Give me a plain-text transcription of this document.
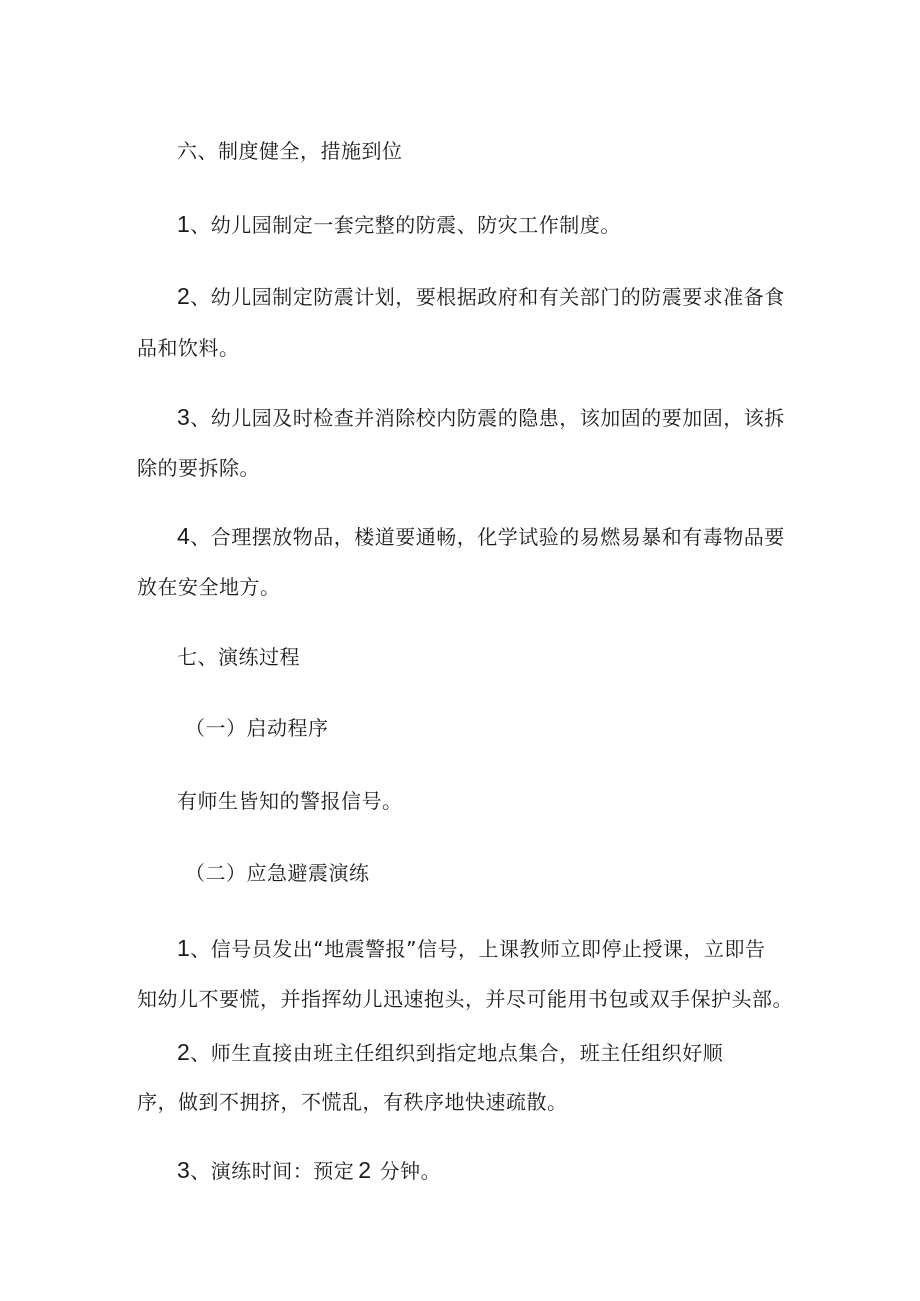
六、制度健全，措施到位
1、幼儿园制定一套完整的防震、防灾工作制度。
2、幼儿园制定防震计划，要根据政府和有关部门的防震要求准备食
品和饮料。
3、幼儿园及时检查并消除校内防震的隐患，该加固的要加固，该拆
除的要拆除。
4、合理摆放物品，楼道要通畅，化学试验的易燃易暴和有毒物品要
放在安全地方。
七、演练过程
（一）启动程序
有师生皆知的警报信号。
（二）应急避震演练
1、信号员发出“地震警报”信号，上课教师立即停止授课，立即告
知幼儿不要慌，并指挥幼儿迅速抱头，并尽可能用书包或双手保护头部。
2、师生直接由班主任组织到指定地点集合，班主任组织好顺
序，做到不拥挤，不慌乱，有秩序地快速疏散。
3、演练时间：预定 2 分钟。
